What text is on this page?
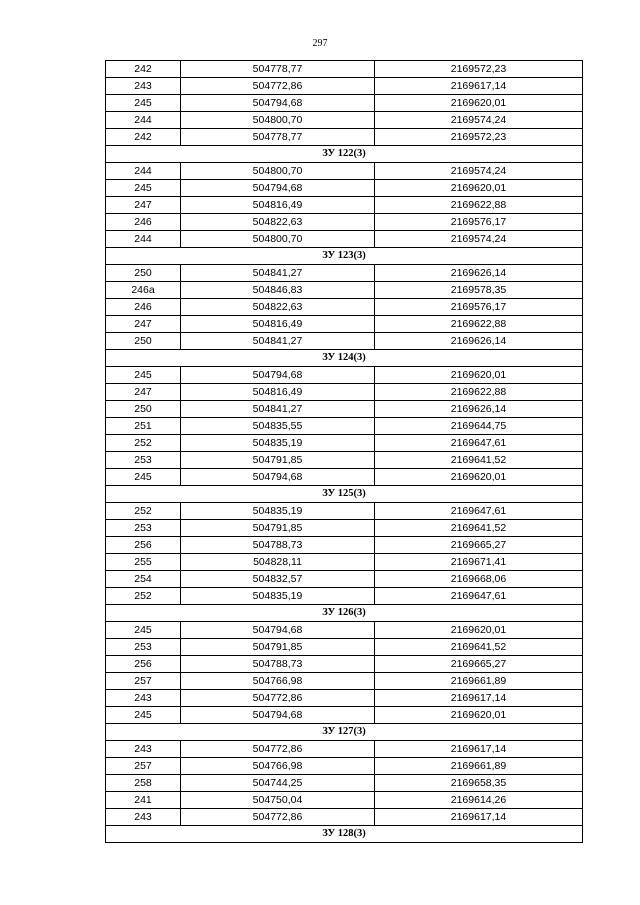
297
242	504778,77	2169572,23
243	504772,86	2169617,14
245	504794,68	2169620,01
244	504800,70	2169574,24
242	504778,77	2169572,23
ЗУ 122(3)		
244	504800,70	2169574,24
245	504794,68	2169620,01
247	504816,49	2169622,88
246	504822,63	2169576,17
244	504800,70	2169574,24
ЗУ 123(3)		
250	504841,27	2169626,14
246a	504846,83	2169578,35
246	504822,63	2169576,17
247	504816,49	2169622,88
250	504841,27	2169626,14
ЗУ 124(3)		
245	504794,68	2169620,01
247	504816,49	2169622,88
250	504841,27	2169626,14
251	504835,55	2169644,75
252	504835,19	2169647,61
253	504791,85	2169641,52
245	504794,68	2169620,01
ЗУ 125(3)		
252	504835,19	2169647,61
253	504791,85	2169641,52
256	504788,73	2169665,27
255	504828,11	2169671,41
254	504832,57	2169668,06
252	504835,19	2169647,61
ЗУ 126(3)		
245	504794,68	2169620,01
253	504791,85	2169641,52
256	504788,73	2169665,27
257	504766,98	2169661,89
243	504772,86	2169617,14
245	504794,68	2169620,01
ЗУ 127(3)		
243	504772,86	2169617,14
257	504766,98	2169661,89
258	504744,25	2169658,35
241	504750,04	2169614,26
243	504772,86	2169617,14
ЗУ 128(3)		
